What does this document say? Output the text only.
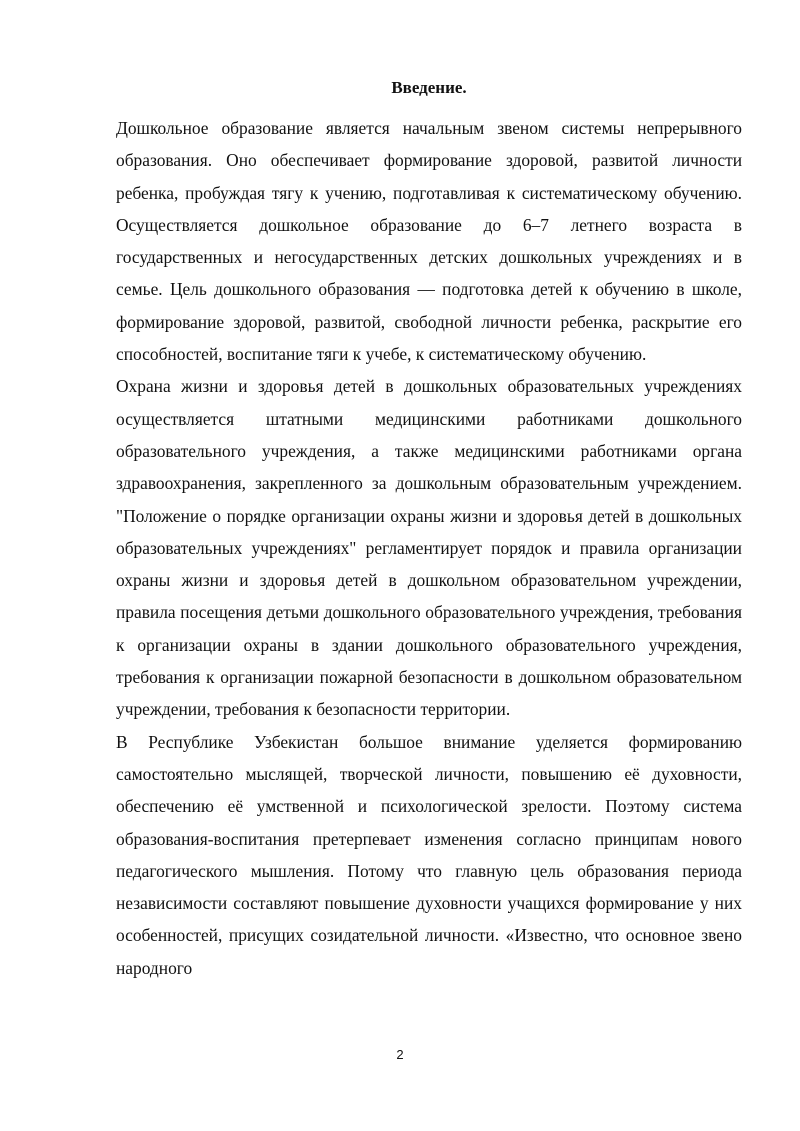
Введение.

Дошкольное образование является начальным звеном системы непрерывного образования. Оно обеспечивает формирование здоровой, развитой личности ребенка, пробуждая тягу к учению, подготавливая к систематическому обучению. Осуществляется дошкольное образование до 6–7 летнего возраста в государственных и негосударственных детских дошкольных учреждениях и в семье. Цель дошкольного образования — подготовка детей к обучению в школе, формирование здоровой, развитой, свободной личности ребенка, раскрытие его способностей, воспитание тяги к учебе, к систематическому обучению.

Охрана жизни и здоровья детей в дошкольных образовательных учреждениях осуществляется штатными медицинскими работниками дошкольного образовательного учреждения, а также медицинскими работниками органа здравоохранения, закрепленного за дошкольным образовательным учреждением. "Положение о порядке организации охраны жизни и здоровья детей в дошкольных образовательных учреждениях" регламентирует порядок и правила организации охраны жизни и здоровья детей в дошкольном образовательном учреждении, правила посещения детьми дошкольного образовательного учреждения, требования к организации охраны в здании дошкольного образовательного учреждения, требования к организации пожарной безопасности в дошкольном образовательном учреждении, требования к безопасности территории.

В Республике Узбекистан большое внимание уделяется формированию самостоятельно мыслящей, творческой личности, повышению её духовности, обеспечению её умственной и психологической зрелости. Поэтому система образования-воспитания претерпевает изменения согласно принципам нового педагогического мышления. Потому что главную цель образования периода независимости составляют повышение духовности учащихся формирование у них особенностей, присущих созидательной личности. «Известно, что основное звено народного

2
